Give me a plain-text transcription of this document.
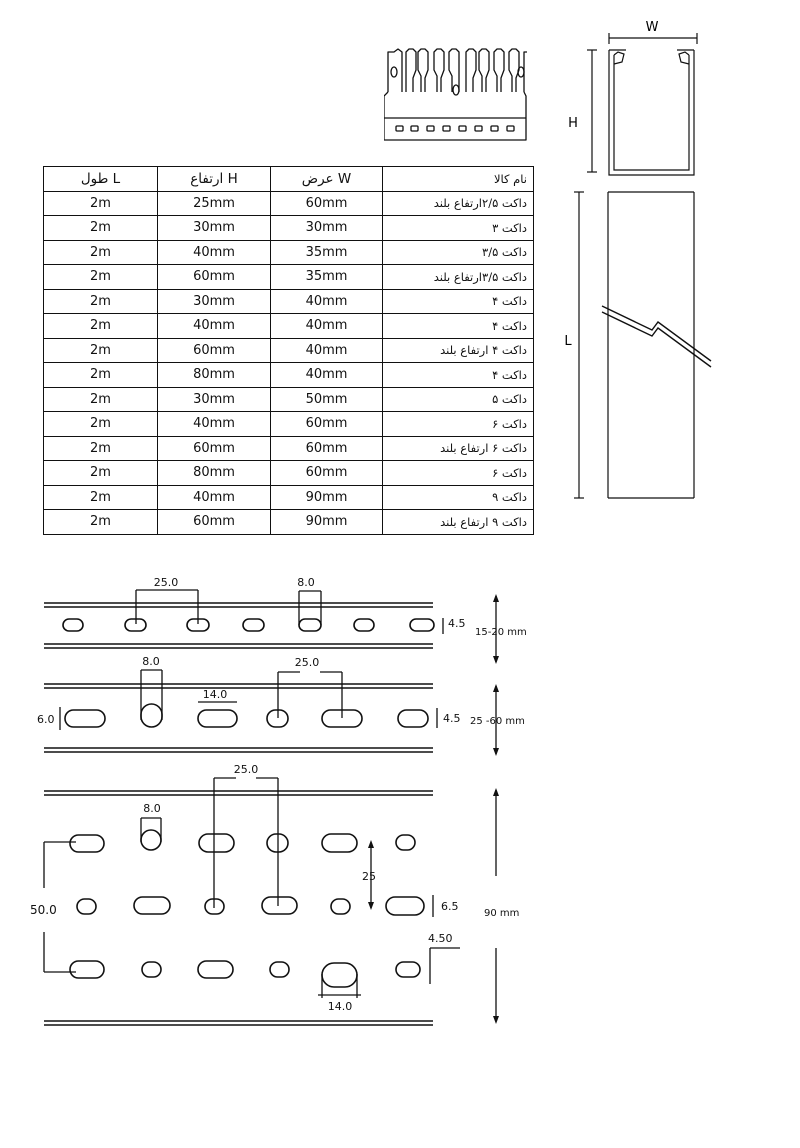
W
H
L
طول L	ارتفاع H	عرض W	نام کالا
2m	25mm	60mm	داکت ۲/۵ارتفاع بلند
2m	30mm	30mm	داکت ۳
2m	40mm	35mm	داکت ۳/۵
2m	60mm	35mm	داکت ۳/۵ارتفاع بلند
2m	30mm	40mm	داکت ۴
2m	40mm	40mm	داکت ۴
2m	60mm	40mm	داکت ۴ ارتفاع بلند
2m	80mm	40mm	داکت ۴
2m	30mm	50mm	داکت ۵
2m	40mm	60mm	داکت ۶
2m	60mm	60mm	داکت ۶ ارتفاع بلند
2m	80mm	60mm	داکت ۶
2m	40mm	90mm	داکت ۹
2m	60mm	90mm	داکت ۹ ارتفاع بلند
25.0	8.0
4.5
15-20 mm
8.0	25.0
14.0
6.0	4.5 25 -60 mm
25.0
8.0
25
50.0	6.5
4.50
14.0
90 mm
